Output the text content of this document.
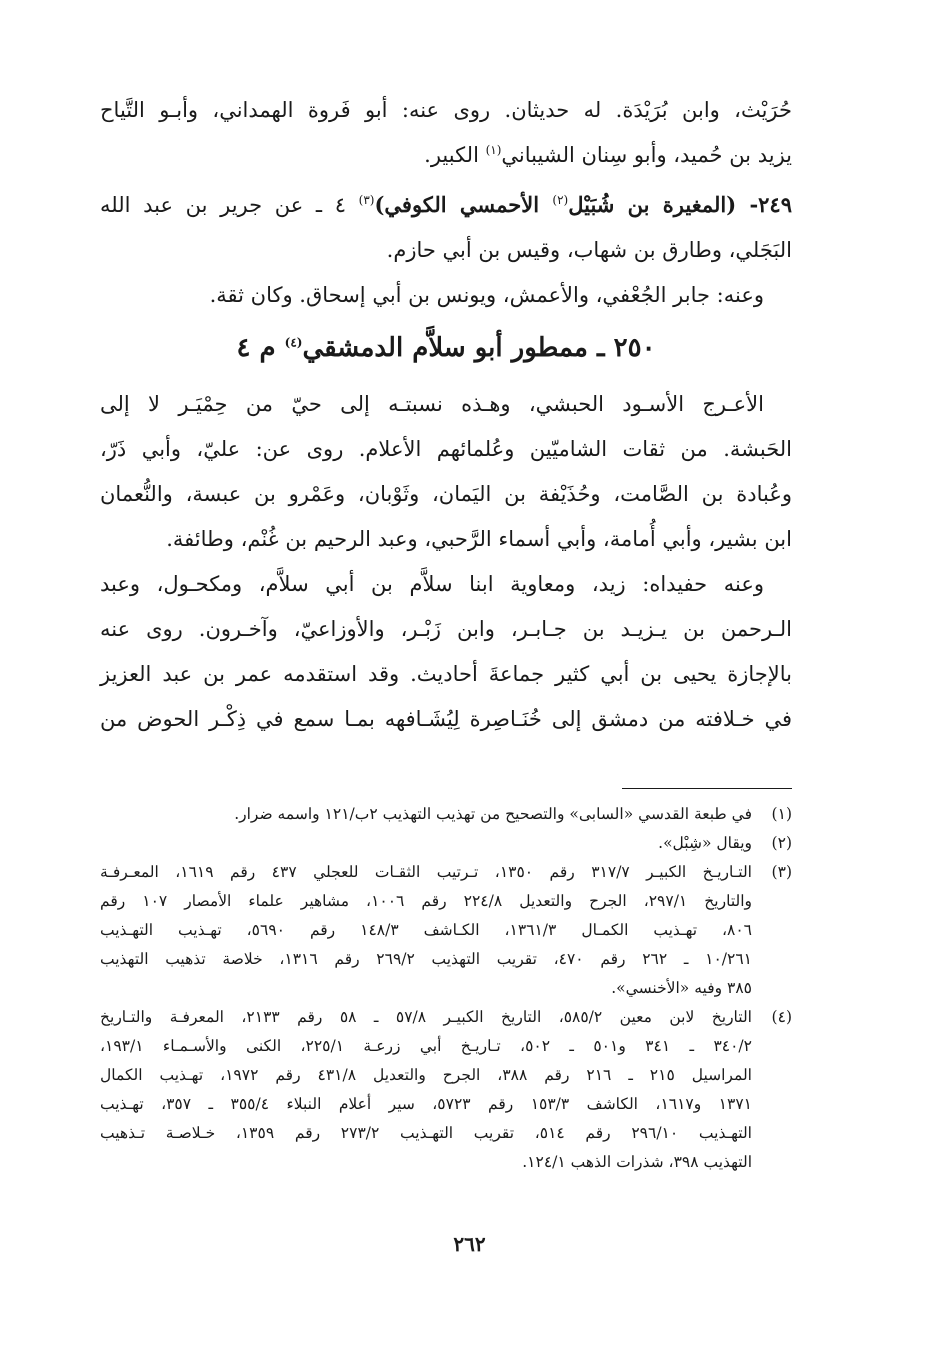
حُرَيْث، وابن بُرَيْدَة. له حديثان. روى عنه: أبو فَروة الهمداني، وأبـو التَّياح

يزيد بن حُميد، وأبو سِنان الشيباني$^{(١)}$ الكبير.

٢٤٩- (المغيرة بن شُبَيْل$^{(٢)}$ الأحمسي الكوفي)$^{(٣)}$ ٤ ـ عن جرير بن عبد الله

البَجَلي، وطارق بن شهاب، وقيس بن أبي حازم.

وعنه: جابر الجُعْفي، والأعمش، ويونس بن أبي إسحاق. وكان ثقة.

٢٥٠ ـ ممطور أبو سلاَّم الدمشقي$^{(٤)}$ م ٤

الأعـرج الأسـود الحبشي، وهـذه نسبتـه إلى حيّ من حِمْيَـر لا إلى

الحَبشة. من ثقات الشاميّين وعُلمائهم الأعلام. روى عن: عليّ، وأبي ذَرّ،

وعُبادة بن الصَّامت، وحُذَيْفة بن اليَمان، وثَوْبان، وعَمْرو بن عبسة، والنُّعمان

ابن بشير، وأبي أُمامة، وأبي أسماء الرَّحبي، وعبد الرحيم بن غُنْم، وطائفة.

وعنه حفيداه: زيد، ومعاوية ابنا سلاَّم بن أبي سلاَّم، ومكحـول، وعبد

الـرحمن بن يـزيـد بن جـابـر، وابن زَبْـر، والأوزاعيّ، وآخـرون. روى عنه

بالإجازة يحيى بن أبي كثير جماعةَ أحاديث. وقد استقدمه عمر بن عبد العزيز

في خـلافته من دمشق إلى خُنَـاصِرة لِيُشَـافهه بمـا سمع في ذِكْـر الحوض من

(١)
في طبعة القدسي «السابى» والتصحيح من تهذيب التهذيب ٢ب/١٢١ واسمه ضرار.
(٢)
ويقال «شِبْل».
(٣)
التـاريـخ الكبيـر ٣١٧/٧ رقم ١٣٥٠، تـرتيب الثقـات للعجلي ٤٣٧ رقم ١٦١٩، المعـرفـة
والتاريخ ٢٩٧/١، الجرح والتعديل ٢٢٤/٨ رقم ١٠٠٦، مشاهير علماء الأمصار ١٠٧ رقم
٨٠٦، تهـذيب الكمـال ١٣٦١/٣، الكـاشف ١٤٨/٣ رقم ٥٦٩٠، تهـذيب التهـذيب
١٠/٢٦١ ـ ٢٦٢ رقم ٤٧٠، تقريب التهذيب ٢٦٩/٢ رقم ١٣١٦، خلاصة تذهيب التهذيب
٣٨٥ وفيه «الأخنسي».
(٤)
التاريخ لابن معين ٥٨٥/٢، التاريخ الكبيـر ٥٧/٨ ـ ٥٨ رقم ٢١٣٣، المعرفـة والتـاريخ
٣٤٠/٢ ـ ٣٤١ و٥٠١ ـ ٥٠٢، تـاريـخ أبي زرعـة ٢٢٥/١، الكنى والأسـمـاء ١٩٣/١،
المراسيل ٢١٥ ـ ٢١٦ رقم ٣٨٨، الجرح والتعديل ٤٣١/٨ رقم ١٩٧٢، تهـذيب الكمال
١٣٧١ و١٦١٧، الكاشف ١٥٣/٣ رقم ٥٧٢٣، سير أعلام النبلاء ٣٥٥/٤ ـ ٣٥٧، تهـذيب
التهـذيب ٢٩٦/١٠ رقم ٥١٤، تقريب التهـذيب ٢٧٣/٢ رقم ١٣٥٩، خـلاصـة تـذهيب
التهذيب ٣٩٨، شذرات الذهب ١٢٤/١.
٢٦٢
